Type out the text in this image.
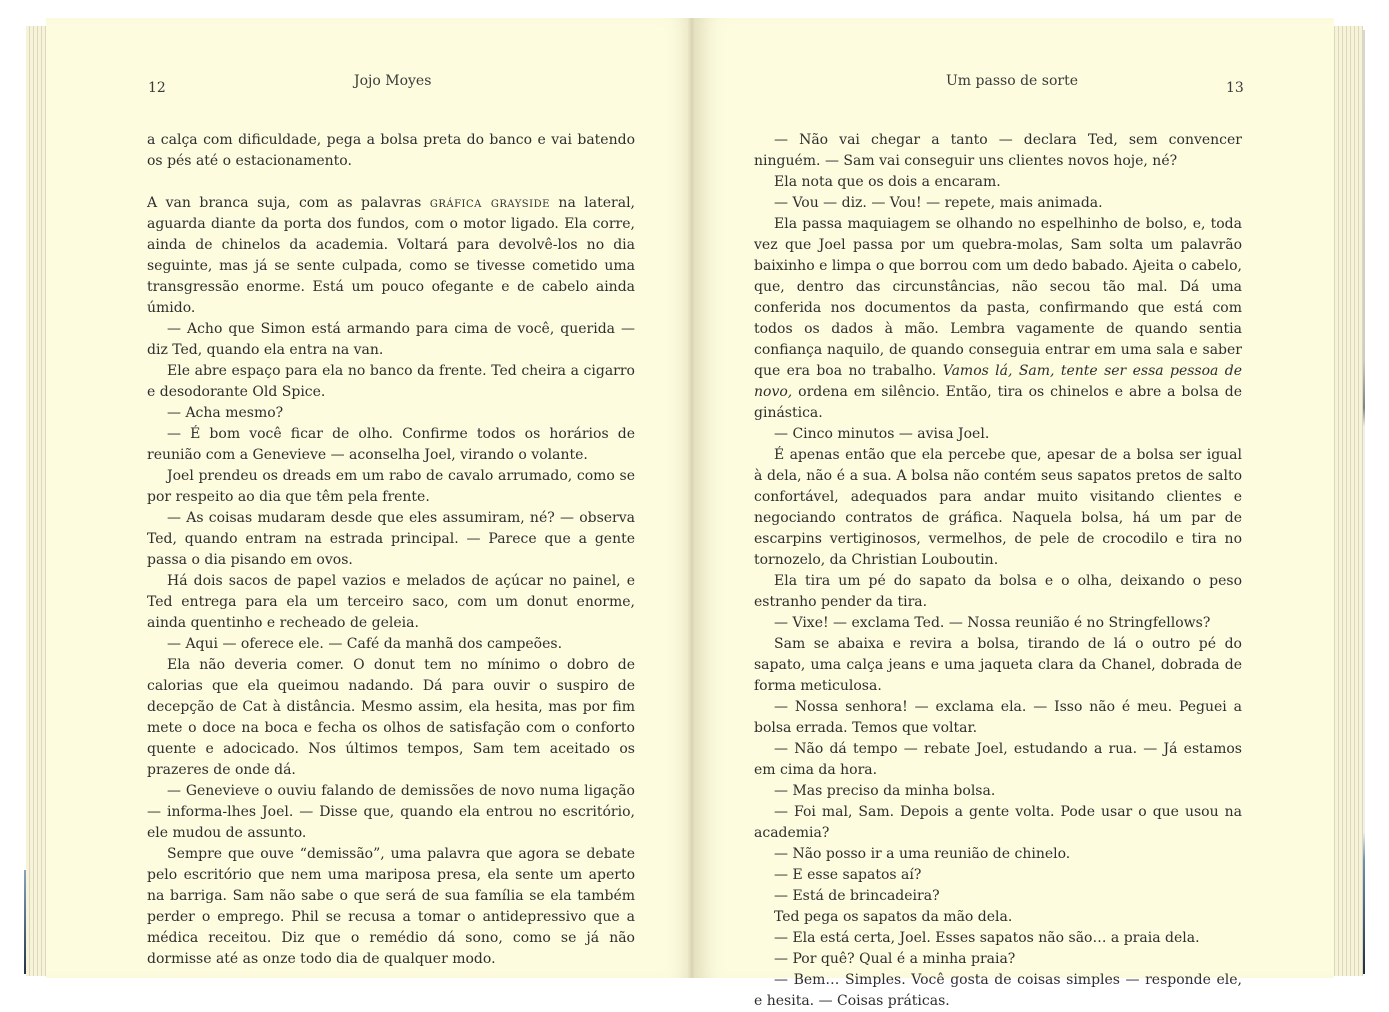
12	Jojo Moyes

a calça com dificuldade, pega a bolsa preta do banco e vai batendo os pés até o estacionamento.

A van branca suja, com as palavras gráfica grayside na lateral, aguarda diante da porta dos fundos, com o motor ligado. Ela corre, ainda de chinelos da academia. Voltará para devolvê-los no dia seguinte, mas já se sente culpada, como se tivesse cometido uma transgressão enorme. Está um pouco ofegante e de cabelo ainda úmido.

— Acho que Simon está armando para cima de você, querida — diz Ted, quando ela entra na van.

Ele abre espaço para ela no banco da frente. Ted cheira a cigarro e desodorante Old Spice.

— Acha mesmo?

— É bom você ficar de olho. Confirme todos os horários de reunião com a Genevieve — aconselha Joel, virando o volante.

Joel prendeu os dreads em um rabo de cavalo arrumado, como se por respeito ao dia que têm pela frente.

— As coisas mudaram desde que eles assumiram, né? — observa Ted, quando entram na estrada principal. — Parece que a gente passa o dia pisando em ovos.

Há dois sacos de papel vazios e melados de açúcar no painel, e Ted entrega para ela um terceiro saco, com um donut enorme, ainda quentinho e recheado de geleia.

— Aqui — oferece ele. — Café da manhã dos campeões.

Ela não deveria comer. O donut tem no mínimo o dobro de calorias que ela queimou nadando. Dá para ouvir o suspiro de decepção de Cat à distância. Mesmo assim, ela hesita, mas por fim mete o doce na boca e fecha os olhos de satisfação com o conforto quente e adocicado. Nos últimos tempos, Sam tem aceitado os prazeres de onde dá.

— Genevieve o ouviu falando de demissões de novo numa ligação — informa-lhes Joel. — Disse que, quando ela entrou no escritório, ele mudou de assunto.

Sempre que ouve “demissão”, uma palavra que agora se debate pelo escritório que nem uma mariposa presa, ela sente um aperto na barriga. Sam não sabe o que será de sua família se ela também perder o emprego. Phil se recusa a tomar o antidepressivo que a médica receitou. Diz que o remédio dá sono, como se já não dormisse até as onze todo dia de qualquer modo.

Um passo de sorte	13

— Não vai chegar a tanto — declara Ted, sem convencer ninguém. — Sam vai conseguir uns clientes novos hoje, né?

Ela nota que os dois a encaram.

— Vou — diz. — Vou! — repete, mais animada.

Ela passa maquiagem se olhando no espelhinho de bolso, e, toda vez que Joel passa por um quebra-molas, Sam solta um palavrão baixinho e limpa o que borrou com um dedo babado. Ajeita o cabelo, que, dentro das circunstâncias, não secou tão mal. Dá uma conferida nos documentos da pasta, confirmando que está com todos os dados à mão. Lembra vagamente de quando sentia confiança naquilo, de quando conseguia entrar em uma sala e saber que era boa no trabalho. Vamos lá, Sam, tente ser essa pessoa de novo, ordena em silêncio. Então, tira os chinelos e abre a bolsa de ginástica.

— Cinco minutos — avisa Joel.

É apenas então que ela percebe que, apesar de a bolsa ser igual à dela, não é a sua. A bolsa não contém seus sapatos pretos de salto confortável, adequados para andar muito visitando clientes e negociando contratos de gráfica. Naquela bolsa, há um par de escarpins vertiginosos, vermelhos, de pele de crocodilo e tira no tornozelo, da Christian Louboutin.

Ela tira um pé do sapato da bolsa e o olha, deixando o peso estranho pender da tira.

— Vixe! — exclama Ted. — Nossa reunião é no Stringfellows?

Sam se abaixa e revira a bolsa, tirando de lá o outro pé do sapato, uma calça jeans e uma jaqueta clara da Chanel, dobrada de forma meticulosa.

— Nossa senhora! — exclama ela. — Isso não é meu. Peguei a bolsa errada. Temos que voltar.

— Não dá tempo — rebate Joel, estudando a rua. — Já estamos em cima da hora.

— Mas preciso da minha bolsa.

— Foi mal, Sam. Depois a gente volta. Pode usar o que usou na academia?

— Não posso ir a uma reunião de chinelo.

— E esse sapatos aí?

— Está de brincadeira?

Ted pega os sapatos da mão dela.

— Ela está certa, Joel. Esses sapatos não são… a praia dela.

— Por quê? Qual é a minha praia?

— Bem… Simples. Você gosta de coisas simples — responde ele, e hesita. — Coisas práticas.
